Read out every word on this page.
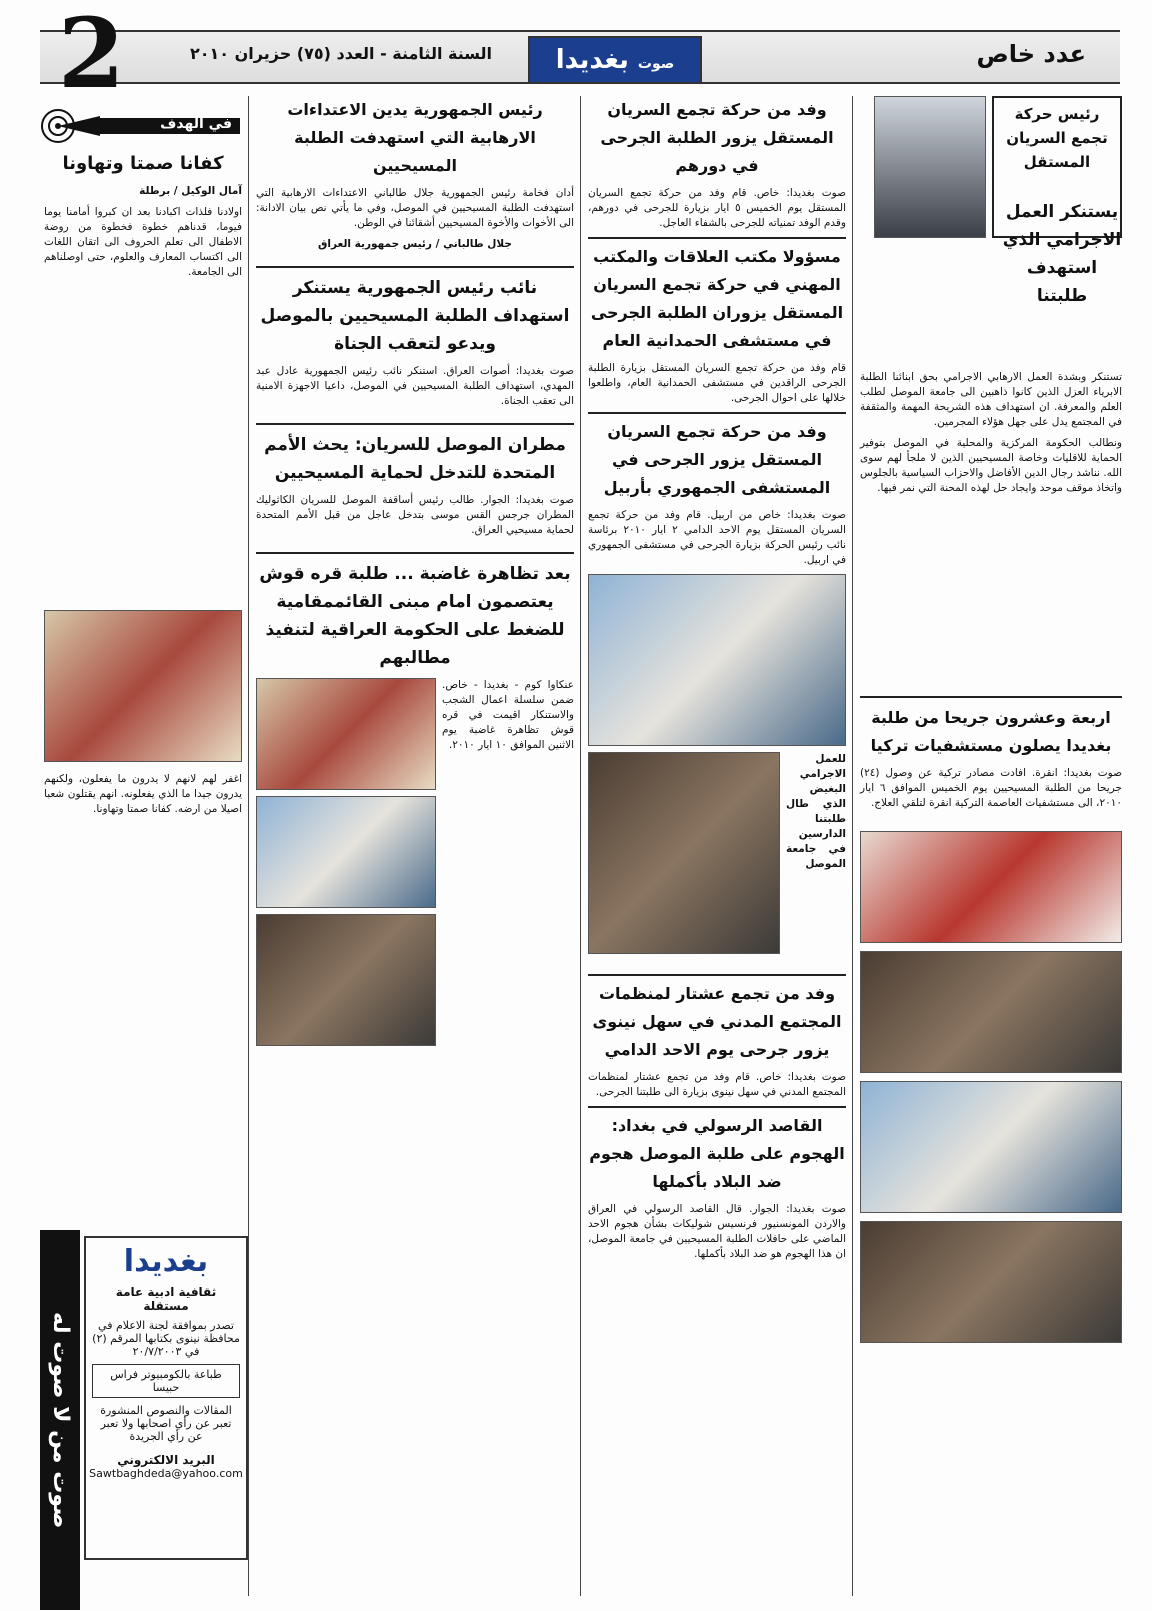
2	السنة الثامنة - العدد (٧٥) حزيران ٢٠١٠
صوت بغديدا	عدد خاص
رئيس حركة تجمع السريان المستقل
يستنكر العمل الاجرامي الذي استهدف طلبتنا

تستنكر وبشدة العمل الارهابي الاجرامي بحق ابنائنا الطلبة الابرياء العزل الذين كانوا ذاهبين الى جامعة الموصل لطلب العلم والمعرفة. ان استهداف هذه الشريحة المهمة والمثقفة في المجتمع يدل على جهل هؤلاء المجرمين.

ونطالب الحكومة المركزية والمحلية في الموصل بتوفير الحماية للاقليات وخاصة المسيحيين الذين لا ملجأ لهم سوى الله. نناشد رجال الدين الأفاضل والاحزاب السياسية بالجلوس واتخاذ موقف موحد وايجاد حل لهذه المحنة التي نمر فيها.

اربعة وعشرون جريحا من طلبة بغديدا يصلون مستشفيات تركيا

صوت بغديدا: انقرة. افادت مصادر تركية عن وصول (٢٤) جريحا من الطلبة المسيحيين يوم الخميس الموافق ٦ ايار ٢٠١٠، الى مستشفيات العاصمة التركية انقرة لتلقي العلاج.

وفد من حركة تجمع السريان المستقل يزور الطلبة الجرحى في دورهم

صوت بغديدا: خاص. قام وفد من حركة تجمع السريان المستقل يوم الخميس ٥ ايار بزيارة للجرحى في دورهم، وقدم الوفد تمنياته للجرحى بالشفاء العاجل.

مسؤولا مكتب العلاقات والمكتب المهني في حركة تجمع السريان المستقل يزوران الطلبة الجرحى في مستشفى الحمدانية العام

قام وفد من حركة تجمع السريان المستقل بزيارة الطلبة الجرحى الراقدين في مستشفى الحمدانية العام، واطلعوا خلالها على احوال الجرحى.

وفد من حركة تجمع السريان المستقل يزور الجرحى في المستشفى الجمهوري بأربيل

صوت بغديدا: خاص من اربيل. قام وفد من حركة تجمع السريان المستقل يوم الاحد الدامي ٢ ايار ٢٠١٠ برئاسة نائب رئيس الحركة بزيارة الجرحى في مستشفى الجمهوري في اربيل.

للعمل الاجرامي البغيض الذي طال طلبتنا الدارسين في جامعة الموصل

وفد من تجمع عشتار لمنظمات المجتمع المدني في سهل نينوى يزور جرحى يوم الاحد الدامي

صوت بغديدا: خاص. قام وفد من تجمع عشتار لمنظمات المجتمع المدني في سهل نينوى بزيارة الى طلبتنا الجرحى.

القاصد الرسولي في بغداد: الهجوم على طلبة الموصل هجوم ضد البلاد بأكملها

صوت بغديدا: الجوار. قال القاصد الرسولي في العراق والاردن المونسنيور فرنسيس شوليكات بشأن هجوم الاحد الماضي على حافلات الطلبة المسيحيين في جامعة الموصل، ان هذا الهجوم هو ضد البلاد بأكملها.

رئيس الجمهورية يدين الاعتداءات الارهابية التي استهدفت الطلبة المسيحيين

أدان فخامة رئيس الجمهورية جلال طالباني الاعتداءات الارهابية التي استهدفت الطلبة المسيحيين في الموصل، وفي ما يأتي نص بيان الادانة: الى الأخوات والأخوة المسيحيين أشقائنا في الوطن.

جلال طالباني / رئيس جمهورية العراق

نائب رئيس الجمهورية يستنكر استهداف الطلبة المسيحيين بالموصل ويدعو لتعقب الجناة

صوت بغديدا: أصوات العراق. استنكر نائب رئيس الجمهورية عادل عبد المهدي، استهداف الطلبة المسيحيين في الموصل، داعيا الاجهزة الامنية الى تعقب الجناة.

مطران الموصل للسريان: يحث الأمم المتحدة للتدخل لحماية المسيحيين

صوت بغديدا: الجوار. طالب رئيس أساقفة الموصل للسريان الكاثوليك المطران جرجس القس موسى بتدخل عاجل من قبل الأمم المتحدة لحماية مسيحيي العراق.

بعد تظاهرة غاضبة ... طلبة قره قوش يعتصمون امام مبنى القائممقامية للضغط على الحكومة العراقية لتنفيذ مطالبهم

عنكاوا كوم - بغديدا - خاص. ضمن سلسلة اعمال الشجب والاستنكار اقيمت في قره قوش تظاهرة غاضبة يوم الاثنين الموافق ١٠ ايار ٢٠١٠.

في الهدف
كفانا صمتا وتهاونا

آمال الوكيل / برطلة

اولادنا فلذات اكبادنا بعد ان كبروا أمامنا يوما فيوما، قدناهم خطوة فخطوة من روضة الاطفال الى تعلم الحروف الى اتقان اللغات الى اكتساب المعارف والعلوم، حتى اوصلناهم الى الجامعة.

اغفر لهم لانهم لا يدرون ما يفعلون، ولكنهم يدرون جيدا ما الذي يفعلونه. انهم يقتلون شعبا اصيلا من ارضه. كفانا صمتا وتهاونا.

صوت من لا صوت له
بغديدا
ثقافية ادبية عامة مستقلة
تصدر بموافقة لجنة الاعلام في محافظة نينوى بكتابها المرقم (٢) في ٢٠/٧/٢٠٠٣
طباعة بالكومبيوتر فراس حبيسا
المقالات والنصوص المنشورة تعبر عن رأي اصحابها ولا تعبر عن رأي الجريدة
البريد الالكتروني
Sawtbaghdeda@yahoo.com
